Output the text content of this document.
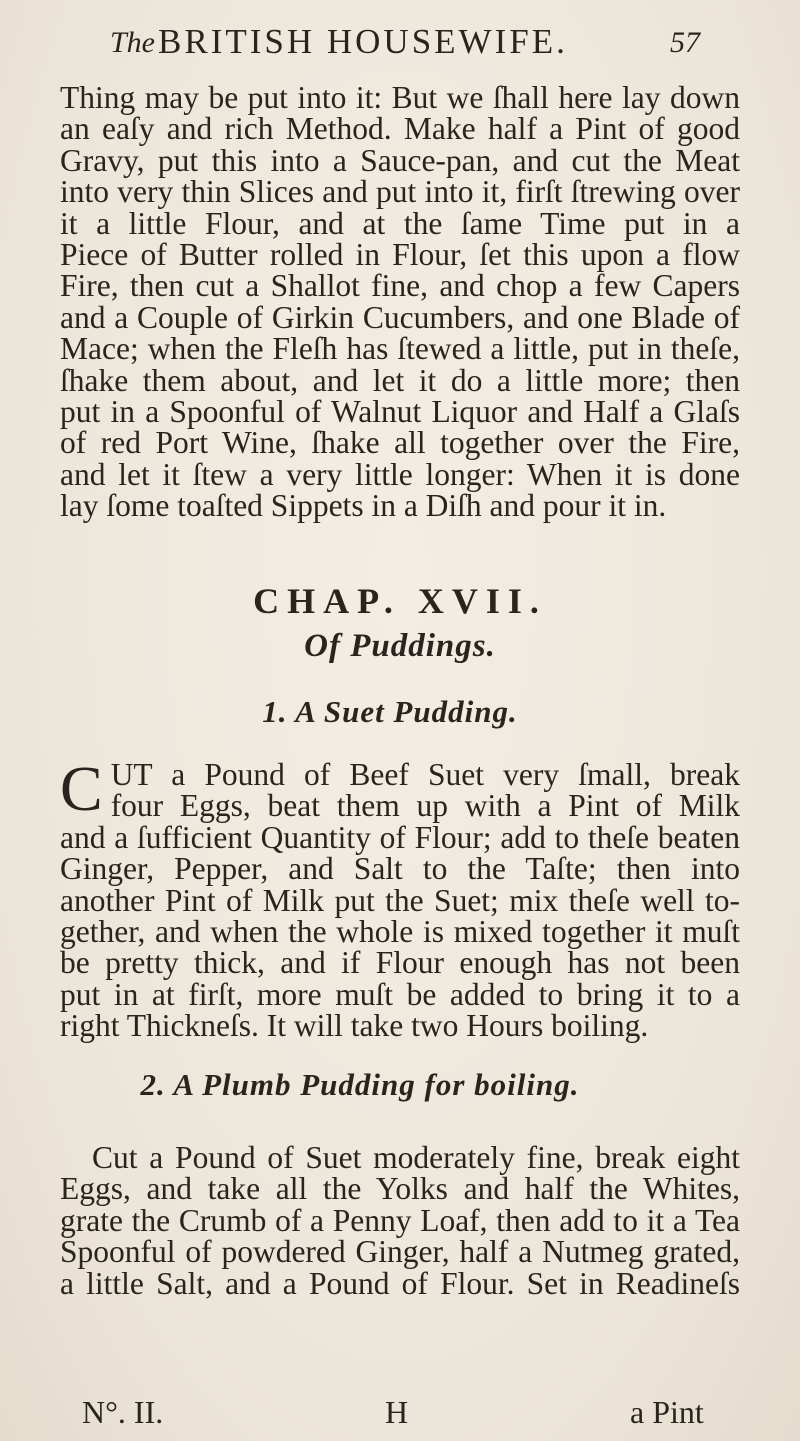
The BRITISH HOUSEWIFE.	57

Thing may be put into it: But we ſhall here lay down
an eaſy and rich Method. Make half a Pint of good
Gravy, put this into a Sauce-pan, and cut the Meat
into very thin Slices and put into it, firſt ſtrewing over
it a little Flour, and at the ſame Time put in a
Piece of Butter rolled in Flour, ſet this upon a flow
Fire, then cut a Shallot fine, and chop a few Capers
and a Couple of Girkin Cucumbers, and one Blade of
Mace; when the Fleſh has ſtewed a little, put in theſe,
ſhake them about, and let it do a little more; then
put in a Spoonful of Walnut Liquor and Half a Glaſs
of red Port Wine, ſhake all together over the Fire,
and let it ſtew a very little longer: When it is done
lay ſome toaſted Sippets in a Diſh and pour it in.

CHAP. XVII.
Of Puddings.
1. A Suet Pudding.

C UT a Pound of Beef Suet very ſmall, break
four Eggs, beat them up with a Pint of Milk
and a ſufficient Quantity of Flour; add to theſe beaten
Ginger, Pepper, and Salt to the Taſte; then into
another Pint of Milk put the Suet; mix theſe well to-
gether, and when the whole is mixed together it muſt
be pretty thick, and if Flour enough has not been
put in at firſt, more muſt be added to bring it to a
right Thickneſs. It will take two Hours boiling.

2. A Plumb Pudding for boiling.

Cut a Pound of Suet moderately fine, break eight
Eggs, and take all the Yolks and half the Whites,
grate the Crumb of a Penny Loaf, then add to it a Tea
Spoonful of powdered Ginger, half a Nutmeg grated,
a little Salt, and a Pound of Flour. Set in Readineſs

N°. II.	H	a Pint
